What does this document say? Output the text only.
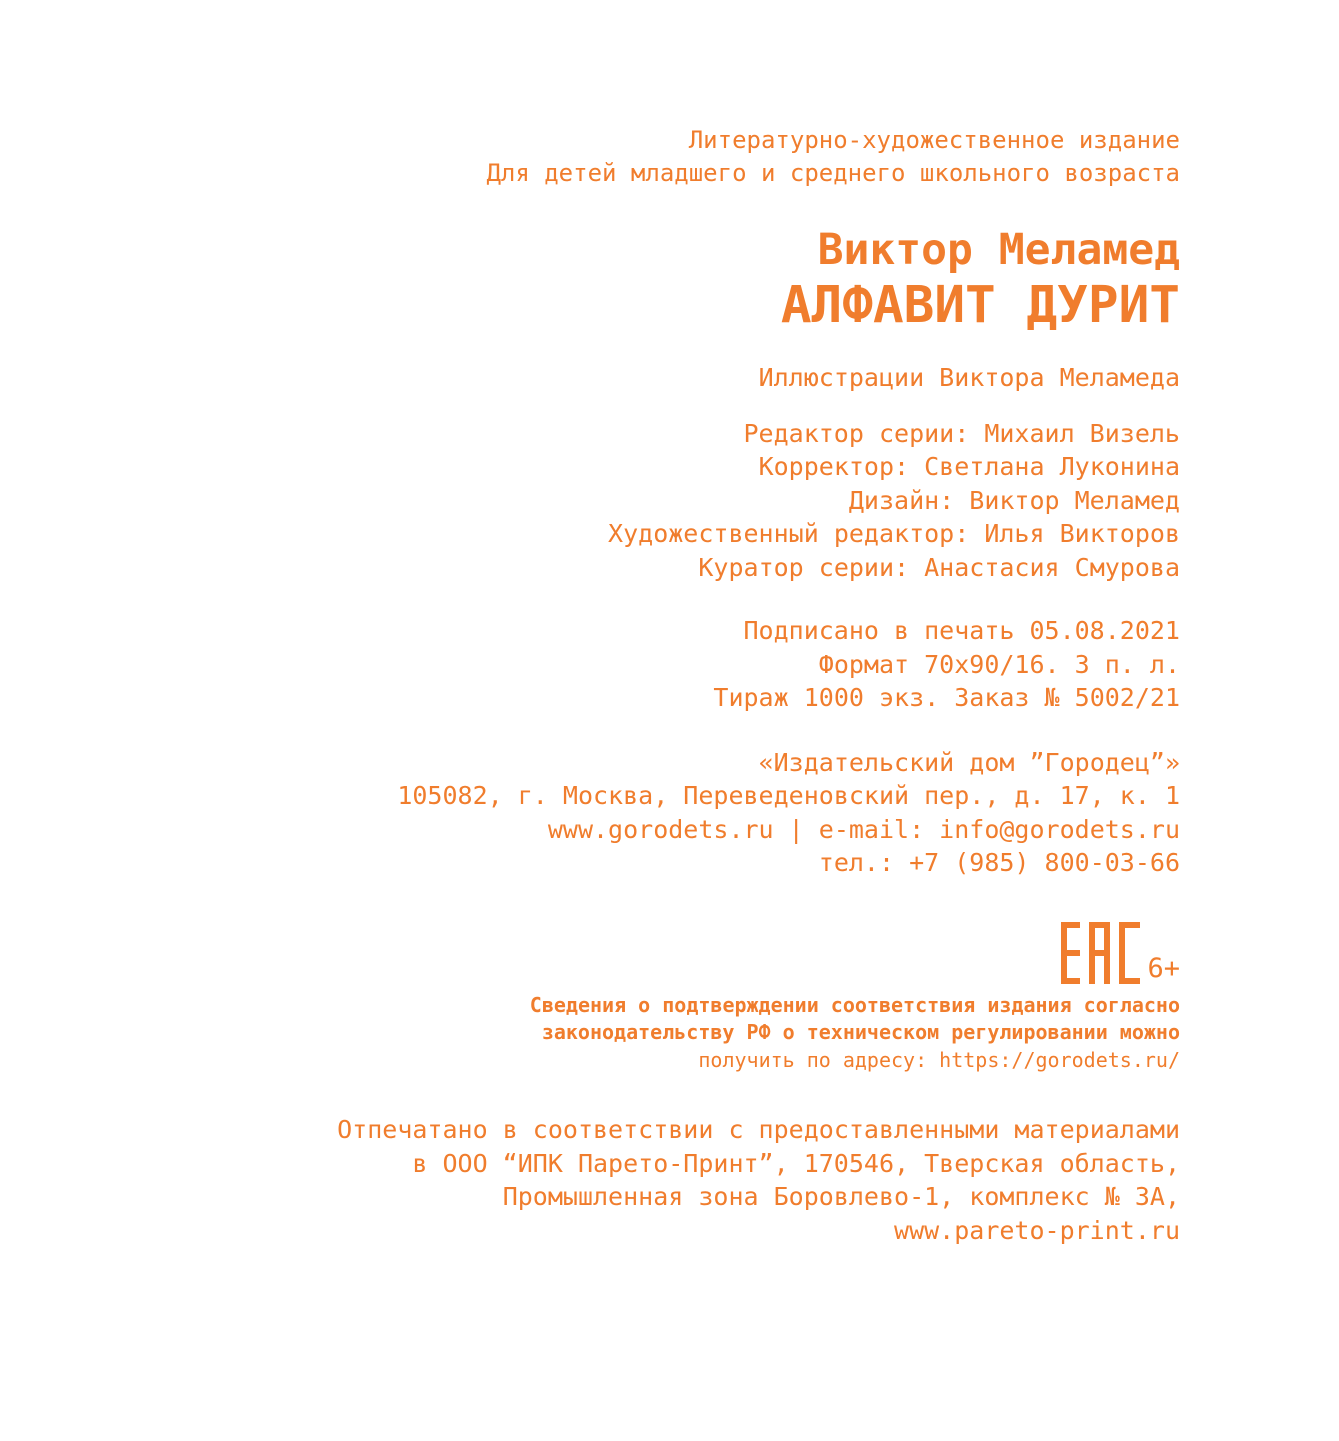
Литературно-художественное издание
Для детей младшего и среднего школьного возраста
Виктор Меламед
АЛФАВИТ ДУРИТ
Иллюстрации Виктора Меламеда
Редактор серии: Михаил Визель
Корректор: Светлана Луконина
Дизайн: Виктор Меламед
Художественный редактор: Илья Викторов
Куратор серии: Анастасия Смурова
Подписано в печать 05.08.2021
Формат 70x90/16. 3 п. л.
Тираж 1000 экз. Заказ № 5002/21
«Издательский дом ”Городец”»
105082, г. Москва, Переведеновский пер., д. 17, к. 1
www.gorodets.ru | e-mail: info@gorodets.ru
тел.: +7 (985) 800-03-66
6+
Сведения о подтверждении соответствия издания согласно
законодательству РФ о техническом регулировании можно
получить по адресу: https://gorodets.ru/
Отпечатано в соответствии с предоставленными материалами
в ООО “ИПК Парето-Принт”, 170546, Тверская область,
Промышленная зона Боровлево-1, комплекс № 3А,
www.pareto-print.ru
